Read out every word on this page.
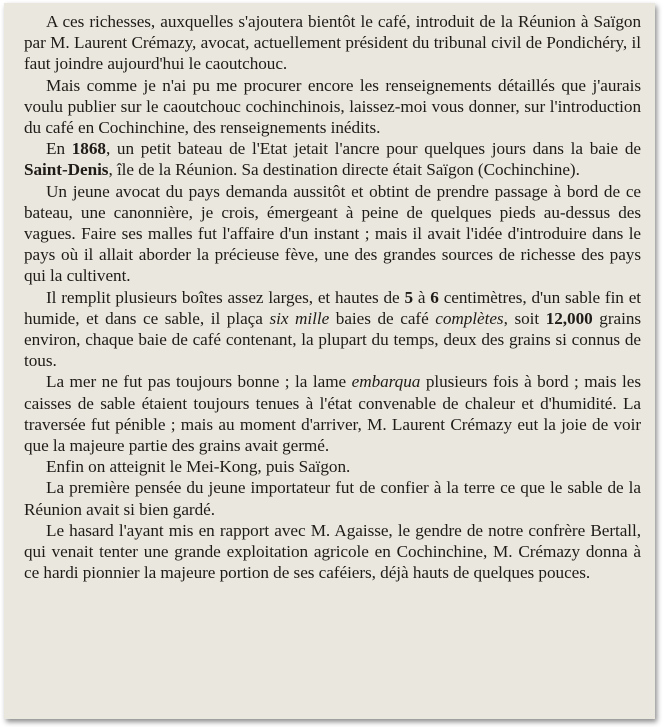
A ces richesses, auxquelles s'ajoutera bientôt le café, introduit de la Réunion à Saïgon par M. Laurent Crémazy, avocat, actuellement président du tribunal civil de Pondichéry, il faut joindre aujourd'hui le caoutchouc.

Mais comme je n'ai pu me procurer encore les renseignements détaillés que j'aurais voulu publier sur le caoutchouc cochinchinois, laissez-moi vous donner, sur l'introduction du café en Cochinchine, des renseignements inédits.

En 1868, un petit bateau de l'Etat jetait l'ancre pour quelques jours dans la baie de Saint-Denis, île de la Réunion. Sa destination directe était Saïgon (Cochinchine).

Un jeune avocat du pays demanda aussitôt et obtint de prendre passage à bord de ce bateau, une canonnière, je crois, émergeant à peine de quelques pieds au-dessus des vagues. Faire ses malles fut l'affaire d'un instant ; mais il avait l'idée d'introduire dans le pays où il allait aborder la précieuse fève, une des grandes sources de richesse des pays qui la cultivent.

Il remplit plusieurs boîtes assez larges, et hautes de 5 à 6 centimètres, d'un sable fin et humide, et dans ce sable, il plaça six mille baies de café complètes, soit 12,000 grains environ, chaque baie de café contenant, la plupart du temps, deux des grains si connus de tous.

La mer ne fut pas toujours bonne ; la lame embarqua plusieurs fois à bord ; mais les caisses de sable étaient toujours tenues à l'état convenable de chaleur et d'humidité. La traversée fut pénible ; mais au moment d'arriver, M. Laurent Crémazy eut la joie de voir que la majeure partie des grains avait germé.

Enfin on atteignit le Mei-Kong, puis Saïgon.

La première pensée du jeune importateur fut de confier à la terre ce que le sable de la Réunion avait si bien gardé.

Le hasard l'ayant mis en rapport avec M. Agaisse, le gendre de notre confrère Bertall, qui venait tenter une grande exploitation agricole en Cochinchine, M. Crémazy donna à ce hardi pionnier la majeure portion de ses caféiers, déjà hauts de quelques pouces.
